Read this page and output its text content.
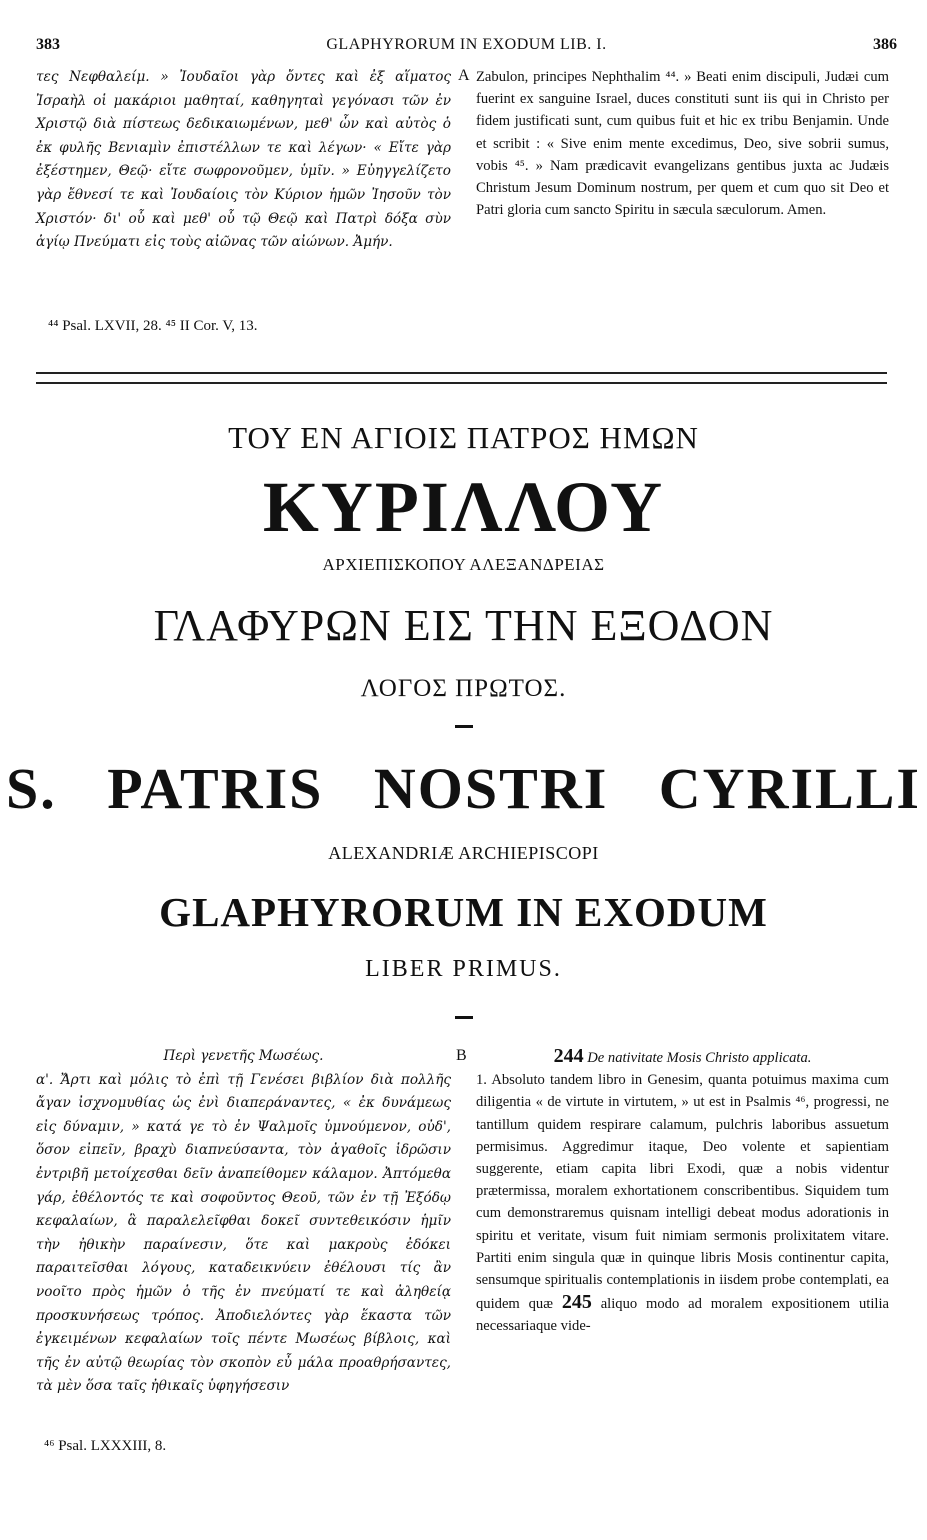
383	GLAPHYRORUM IN EXODUM LIB. I.	386

τες Νεφθαλείμ. » Ἰουδαῖοι γὰρ ὄντες καὶ ἐξ αἵματος Ἰσραὴλ οἱ μακάριοι μαθηταί, καθηγηταὶ γεγόνασι τῶν ἐν Χριστῷ διὰ πίστεως δεδικαιωμένων, μεθ' ὧν καὶ αὐτὸς ὁ ἐκ φυλῆς Βενιαμὶν ἐπιστέλλων τε καὶ λέγων· « Εἴτε γὰρ ἐξέστημεν, Θεῷ· εἴτε σωφρονοῦμεν, ὑμῖν. » Εὐηγγελίζετο γὰρ ἔθνεσί τε καὶ Ἰουδαίοις τὸν Κύριον ἡμῶν Ἰησοῦν τὸν Χριστόν· δι' οὗ καὶ μεθ' οὗ τῷ Θεῷ καὶ Πατρὶ δόξα σὺν ἁγίῳ Πνεύματι εἰς τοὺς αἰῶνας τῶν αἰώνων. Ἀμήν.

A Zabulon, principes Nephthalim ⁴⁴. » Beati enim discipuli, Judæi cum fuerint ex sanguine Israel, duces constituti sunt iis qui in Christo per fidem justificati sunt, cum quibus fuit et hic ex tribu Benjamin. Unde et scribit : « Sive enim mente excedimus, Deo, sive sobrii sumus, vobis ⁴⁵. » Nam prædicavit evangelizans gentibus juxta ac Judæis Christum Jesum Dominum nostrum, per quem et cum quo sit Deo et Patri gloria cum sancto Spiritu in sæcula sæculorum. Amen.

⁴⁴ Psal. LXVII, 28. ⁴⁵ II Cor. V, 13.
ΤΟΥ ΕΝ ΑΓΙΟΙΣ ΠΑΤΡΟΣ ΗΜΩΝ
ΚΥΡΙΛΛΟΥ
ΑΡΧΙΕΠΙΣΚΟΠΟΥ ΑΛΕΞΑΝΔΡΕΙΑΣ
ΓΛΑΦΥΡΩΝ ΕΙΣ ΤΗΝ ΕΞΟΔΟΝ
ΛΟΓΟΣ ΠΡΩΤΟΣ.
S. PATRIS NOSTRI CYRILLI
ALEXANDRIÆ ARCHIEPISCOPI
GLAPHYRORUM IN EXODUM
LIBER PRIMUS.

Περὶ γενετῆς Μωσέως.

α'. Ἄρτι καὶ μόλις τὸ ἐπὶ τῇ Γενέσει βιβλίον διὰ πολλῆς ἄγαν ἰσχνομυθίας ὡς ἐνὶ διαπεράναντες, « ἐκ δυνάμεως εἰς δύναμιν, » κατά γε τὸ ἐν Ψαλμοῖς ὑμνούμενον, οὐδ', ὅσον εἰπεῖν, βραχὺ διαπνεύσαντα, τὸν ἀγαθοῖς ἱδρῶσιν ἐντριβῆ μετοίχεσθαι δεῖν ἀναπείθομεν κάλαμον. Ἀπτόμεθα γάρ, ἐθέλοντός τε καὶ σοφοῦντος Θεοῦ, τῶν ἐν τῇ Ἐξόδῳ κεφαλαίων, ἃ παραλελεῖφθαι δοκεῖ συντεθεικόσιν ἡμῖν τὴν ἠθικὴν παραίνεσιν, ὅτε καὶ μακροὺς ἐδόκει παραιτεῖσθαι λόγους, καταδεικνύειν ἐθέλουσι τίς ἂν νοοῖτο πρὸς ἡμῶν ὁ τῆς ἐν πνεύματί τε καὶ ἀληθείᾳ προσκυνήσεως τρόπος. Ἀποδιελόντες γὰρ ἕκαστα τῶν ἐγκειμένων κεφαλαίων τοῖς πέντε Μωσέως βίβλοις, καὶ τῆς ἐν αὐτῷ θεωρίας τὸν σκοπὸν εὖ μάλα προαθρήσαντες, τὰ μὲν ὅσα ταῖς ἠθικαῖς ὑφηγήσεσιν

B	244 De nativitate Mosis Christo applicata.

1. Absoluto tandem libro in Genesim, quanta potuimus maxima cum diligentia « de virtute in virtutem, » ut est in Psalmis ⁴⁶, progressi, ne tantillum quidem respirare calamum, pulchris laboribus assuetum permisimus. Aggredimur itaque, Deo volente et sapientiam suggerente, etiam capita libri Exodi, quæ a nobis videntur prætermissa, moralem exhortationem conscribentibus. Siquidem tum cum demonstraremus quisnam intelligi debeat modus adorationis in spiritu et veritate, visum fuit nimiam sermonis prolixitatem vitare. Partiti enim singula quæ in quinque libris Mosis continentur capita, sensumque spiritualis contemplationis in iisdem probe contemplati, ea quidem quæ 245 aliquo modo ad moralem expositionem utilia necessariaque vide-

⁴⁶ Psal. LXXXIII, 8.
